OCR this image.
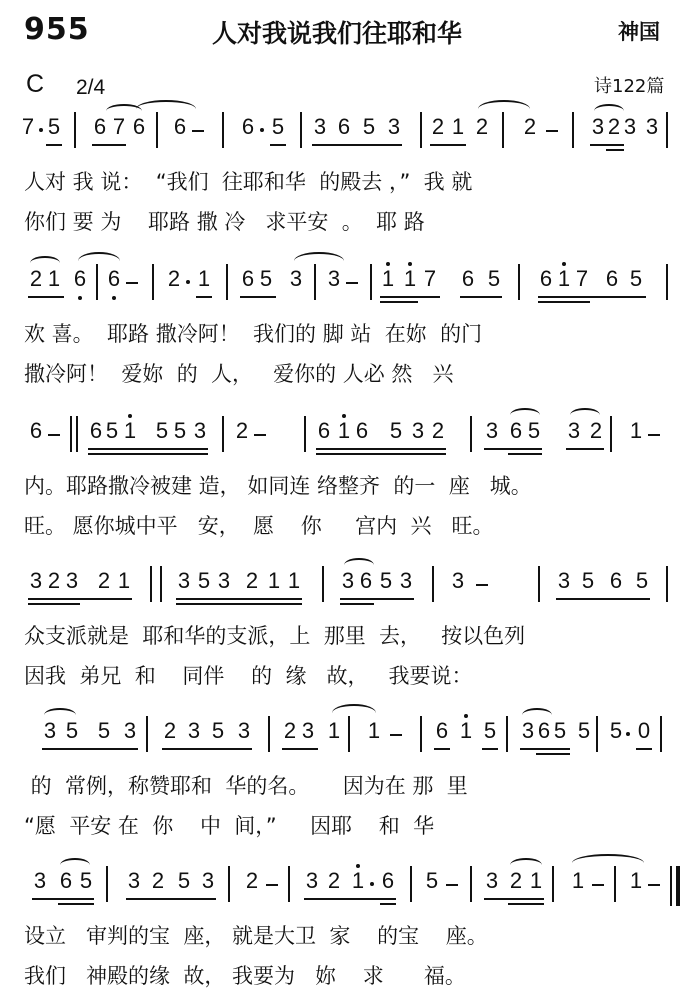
955	人对我说我们往耶和华	神国
C 2/4	诗122篇
7 5 6 7 6 6	6 5 3 6 5 3 2 1 2 2	3 2 3 3
人对 我 说：  “我们  往耶和华  的殿去 ，”  我 就
你们 要 为    耶路 撒 冷   求平安  。  耶 路
2 1 6 6 2 1 6 5 3 3 1 1 7 6 5 6 1 7 6 5
欢 喜。  耶路 撒冷阿！  我们的 脚 站  在妳  的门
撒冷阿！  爱妳  的  人，   爱你的 人必 然   兴
6 6 5 1 5 5 3 2	6 1 6 5 3 2 3 6 5 3 2 1
内。耶路撒冷被建 造， 如同连 络整齐  的一  座   城。
旺。 愿你城中平   安，  愿    你     宫内  兴   旺。
3 2 3 2 1 3 5 3 2 1 1 3 6 5 3 3	3 5 6 5
众支派就是  耶和华的支派，上  那里  去，   按以色列
因我  弟兄  和    同伴    的  缘   故，   我要说：
3 5 5 3 2 3 5 3 2 3 1 1	6 1 5 3 6 5 5 5 0
的  常例，称赞耶和  华的名。     因为在 那  里
“愿  平安 在  你    中  间，”     因耶    和  华
3 6 5 3 2 5 3 2 3 2 1 6 5 3 2 1 1 1
设立   审判的宝  座， 就是大卫  家    的宝    座。
我们   神殿的缘  故， 我要为   妳    求      福。
